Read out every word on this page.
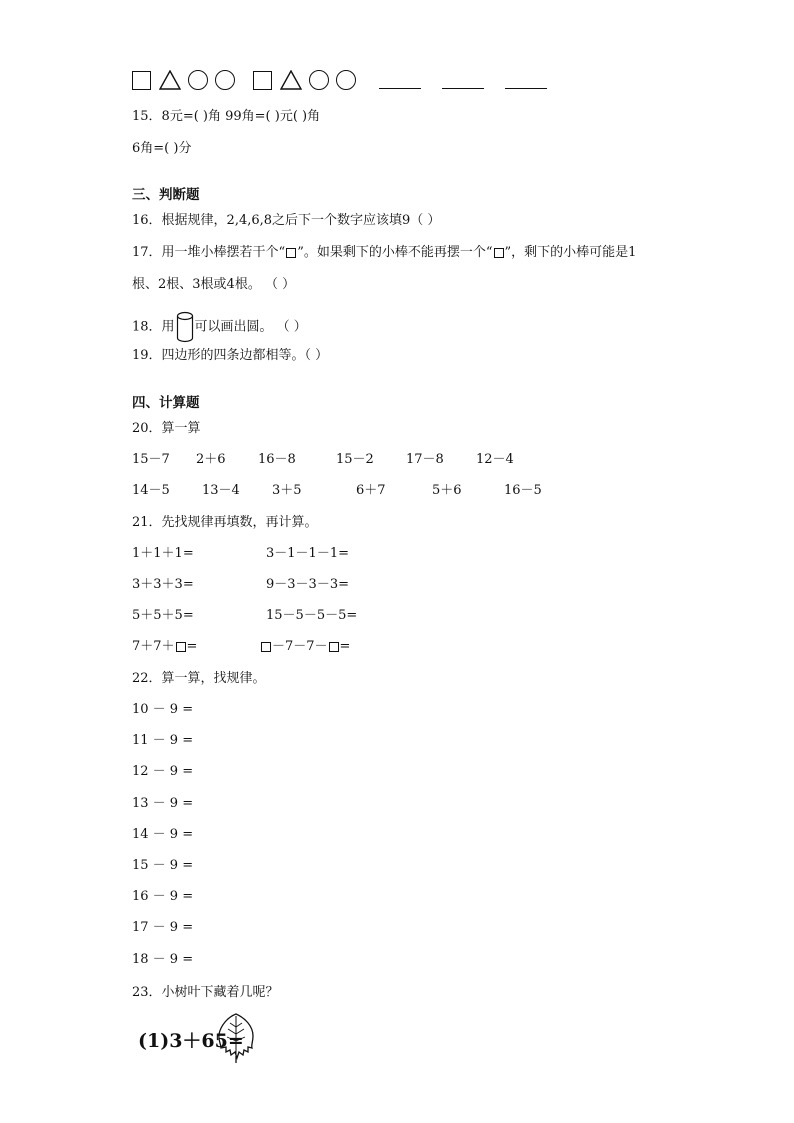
15．8元=( )角 99角=( )元( )角
6角=( )分
三、判断题
16．根据规律，2,4,6,8之后下一个数字应该填9（ ）
17．用一堆小棒摆若干个“ ”。如果剩下的小棒不能再摆一个“ ”，剩下的小棒可能是1
根、2根、3根或4根。 （ ）
18．用 可以画出圆。 （ ）
19．四边形的四条边都相等。（ ）
四、计算题
20．算一算
15－7 2＋6 16－8	15－2 17－8 12－4
14－5 13－4 3＋5	6＋7	5＋6	16－5
21．先找规律再填数，再计算。
1＋1＋1=	3－1－1－1=
3＋3＋3=	9－3－3－3=
5＋5＋5=	15－5－5－5=
7＋7＋ =	－7－7－ =
22．算一算，找规律。
10 － 9 =
11 － 9 =
12 － 9 =
13 － 9 =
14 － 9 =
15 － 9 =
16 － 9 =
17 － 9 =
18 － 9 =
23．小树叶下藏着几呢？
(1)3＋65=
